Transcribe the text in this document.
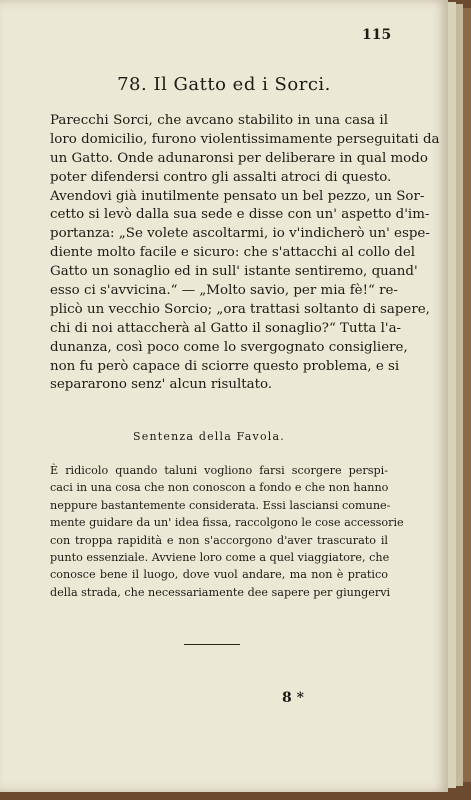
115
78. Il Gatto ed i Sorci.
Parecchi Sorci, che avcano stabilito in una casa il
loro domicilio, furono violentissimamente perseguitati da
un Gatto. Onde adunaronsi per deliberare in qual modo
poter difendersi contro gli assalti atroci di questo.
Avendovi già inutilmente pensato un bel pezzo, un Sor-
cetto si levò dalla sua sede e disse con un' aspetto d'im-
portanza: „Se volete ascoltarmi, io v'indicherò un' espe-
diente molto facile e sicuro: che s'attacchi al collo del
Gatto un sonaglio ed in sull' istante sentiremo, quand'
esso ci s'avvicina.“ — „Molto savio, per mia fè!“ re-
plicò un vecchio Sorcio; „ora trattasi soltanto di sapere,
chi di noi attaccherà al Gatto il sonaglio?“ Tutta l'a-
dunanza, così poco come lo svergognato consigliere,
non fu però capace di sciorre questo problema, e si
separarono senz' alcun risultato.
Sentenza della Favola.
È ridicolo quando taluni vogliono farsi scorgere perspi-
caci in una cosa che non conoscon a fondo e che non hanno
neppure bastantemente considerata. Essi lasciansi comune-
mente guidare da un' idea fissa, raccolgono le cose accessorie
con troppa rapidità e non s'accorgono d'aver trascurato il
punto essenziale. Avviene loro come a quel viaggiatore, che
conosce bene il luogo, dove vuol andare, ma non è pratico
della strada, che necessariamente dee sapere per giungervi
8 *
